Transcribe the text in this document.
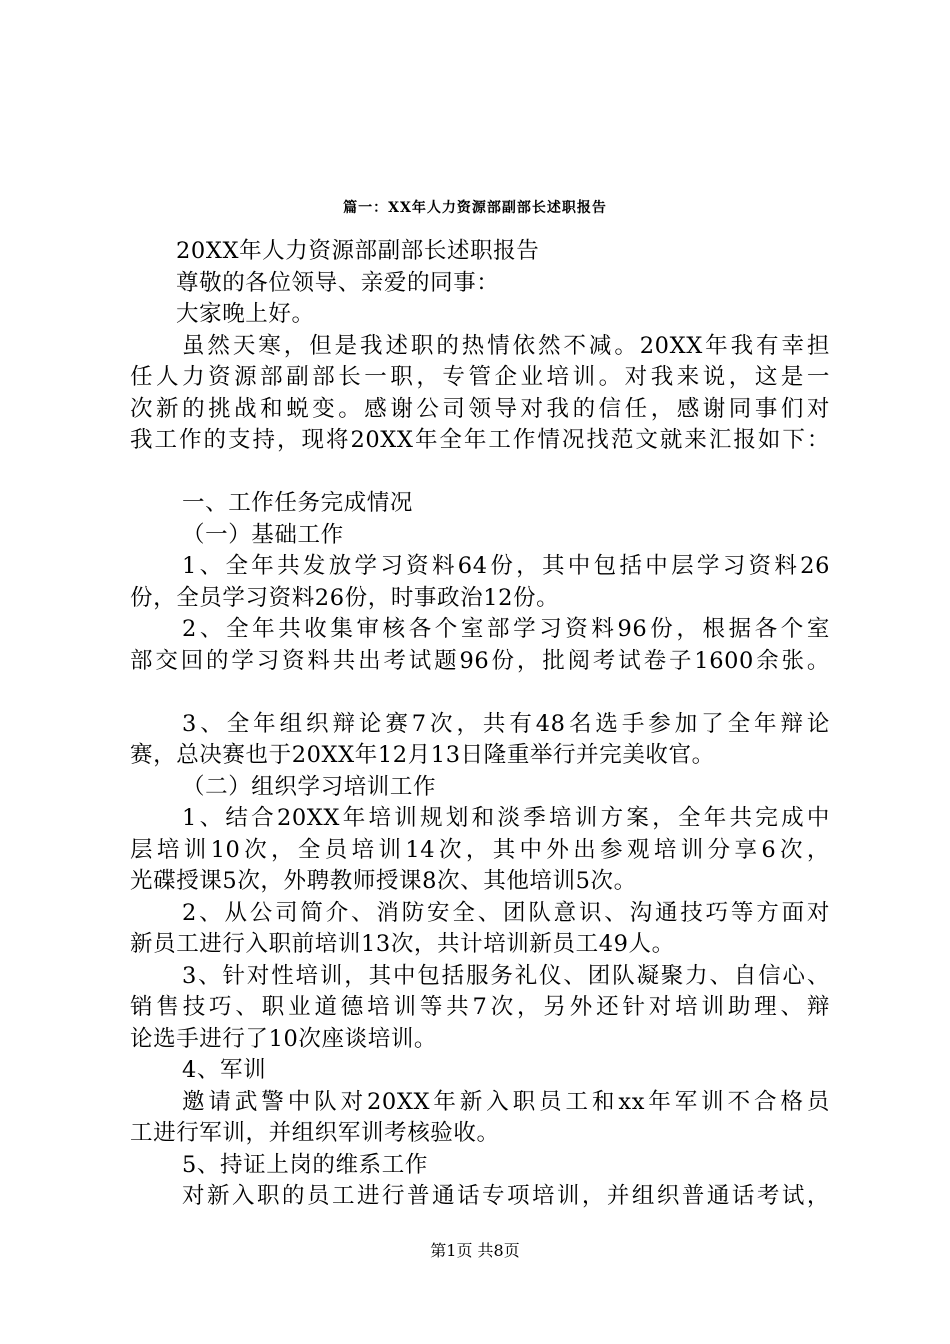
篇一：XX年人力资源部副部长述职报告
20XX年人力资源部副部长述职报告
尊敬的各位领导、亲爱的同事：
大家晚上好。
虽然天寒，但是我述职的热情依然不减。20XX年我有幸担
任人力资源部副部长一职，专管企业培训。对我来说，这是一
次新的挑战和蜕变。感谢公司领导对我的信任，感谢同事们对
我工作的支持，现将20XX年全年工作情况找范文就来汇报如下：
一、工作任务完成情况
（一）基础工作
1、全年共发放学习资料64份，其中包括中层学习资料26
份，全员学习资料26份，时事政治12份。
2、全年共收集审核各个室部学习资料96份，根据各个室
部交回的学习资料共出考试题96份，批阅考试卷子1600余张。
3、全年组织辩论赛7次，共有48名选手参加了全年辩论
赛，总决赛也于20XX年12月13日隆重举行并完美收官。
（二）组织学习培训工作
1、结合20XX年培训规划和淡季培训方案，全年共完成中
层培训10次，全员培训14次，其中外出参观培训分享6次，
光碟授课5次，外聘教师授课8次、其他培训5次。
2、从公司简介、消防安全、团队意识、沟通技巧等方面对
新员工进行入职前培训13次，共计培训新员工49人。
3、针对性培训，其中包括服务礼仪、团队凝聚力、自信心、
销售技巧、职业道德培训等共7次，另外还针对培训助理、辩
论选手进行了10次座谈培训。
4、军训
邀请武警中队对20XX年新入职员工和xx年军训不合格员
工进行军训，并组织军训考核验收。
5、持证上岗的维系工作
对新入职的员工进行普通话专项培训，并组织普通话考试，
第1页 共8页
